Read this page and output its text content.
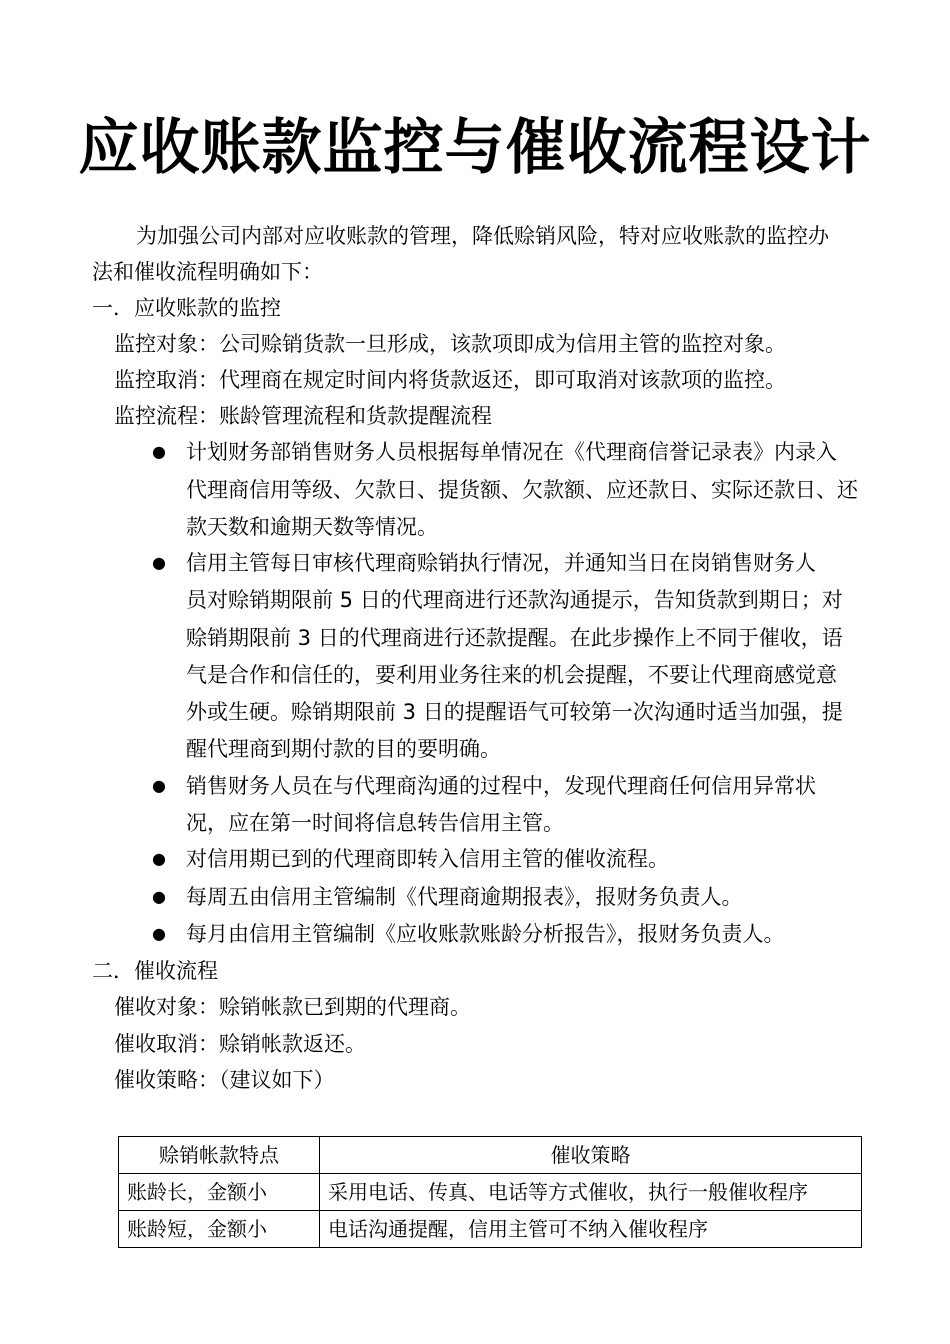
应收账款监控与催收流程设计
为加强公司内部对应收账款的管理，降低赊销风险，特对应收账款的监控办
法和催收流程明确如下：
一．应收账款的监控
监控对象：公司赊销货款一旦形成，该款项即成为信用主管的监控对象。
监控取消：代理商在规定时间内将货款返还，即可取消对该款项的监控。
监控流程：账龄管理流程和货款提醒流程
● 计划财务部销售财务人员根据每单情况在《代理商信誉记录表》内录入
代理商信用等级、欠款日、提货额、欠款额、应还款日、实际还款日、还
款天数和逾期天数等情况。
● 信用主管每日审核代理商赊销执行情况，并通知当日在岗销售财务人
员对赊销期限前 5 日的代理商进行还款沟通提示，告知货款到期日；对
赊销期限前 3 日的代理商进行还款提醒。在此步操作上不同于催收，语
气是合作和信任的，要利用业务往来的机会提醒，不要让代理商感觉意
外或生硬。赊销期限前 3 日的提醒语气可较第一次沟通时适当加强，提
醒代理商到期付款的目的要明确。
● 销售财务人员在与代理商沟通的过程中，发现代理商任何信用异常状
况，应在第一时间将信息转告信用主管。
● 对信用期已到的代理商即转入信用主管的催收流程。
● 每周五由信用主管编制《代理商逾期报表》，报财务负责人。
● 每月由信用主管编制《应收账款账龄分析报告》，报财务负责人。
二．催收流程
催收对象：赊销帐款已到期的代理商。
催收取消：赊销帐款返还。
催收策略：（建议如下）
赊销帐款特点	催收策略
账龄长，金额小	采用电话、传真、电话等方式催收，执行一般催收程序
账龄短，金额小	电话沟通提醒，信用主管可不纳入催收程序
